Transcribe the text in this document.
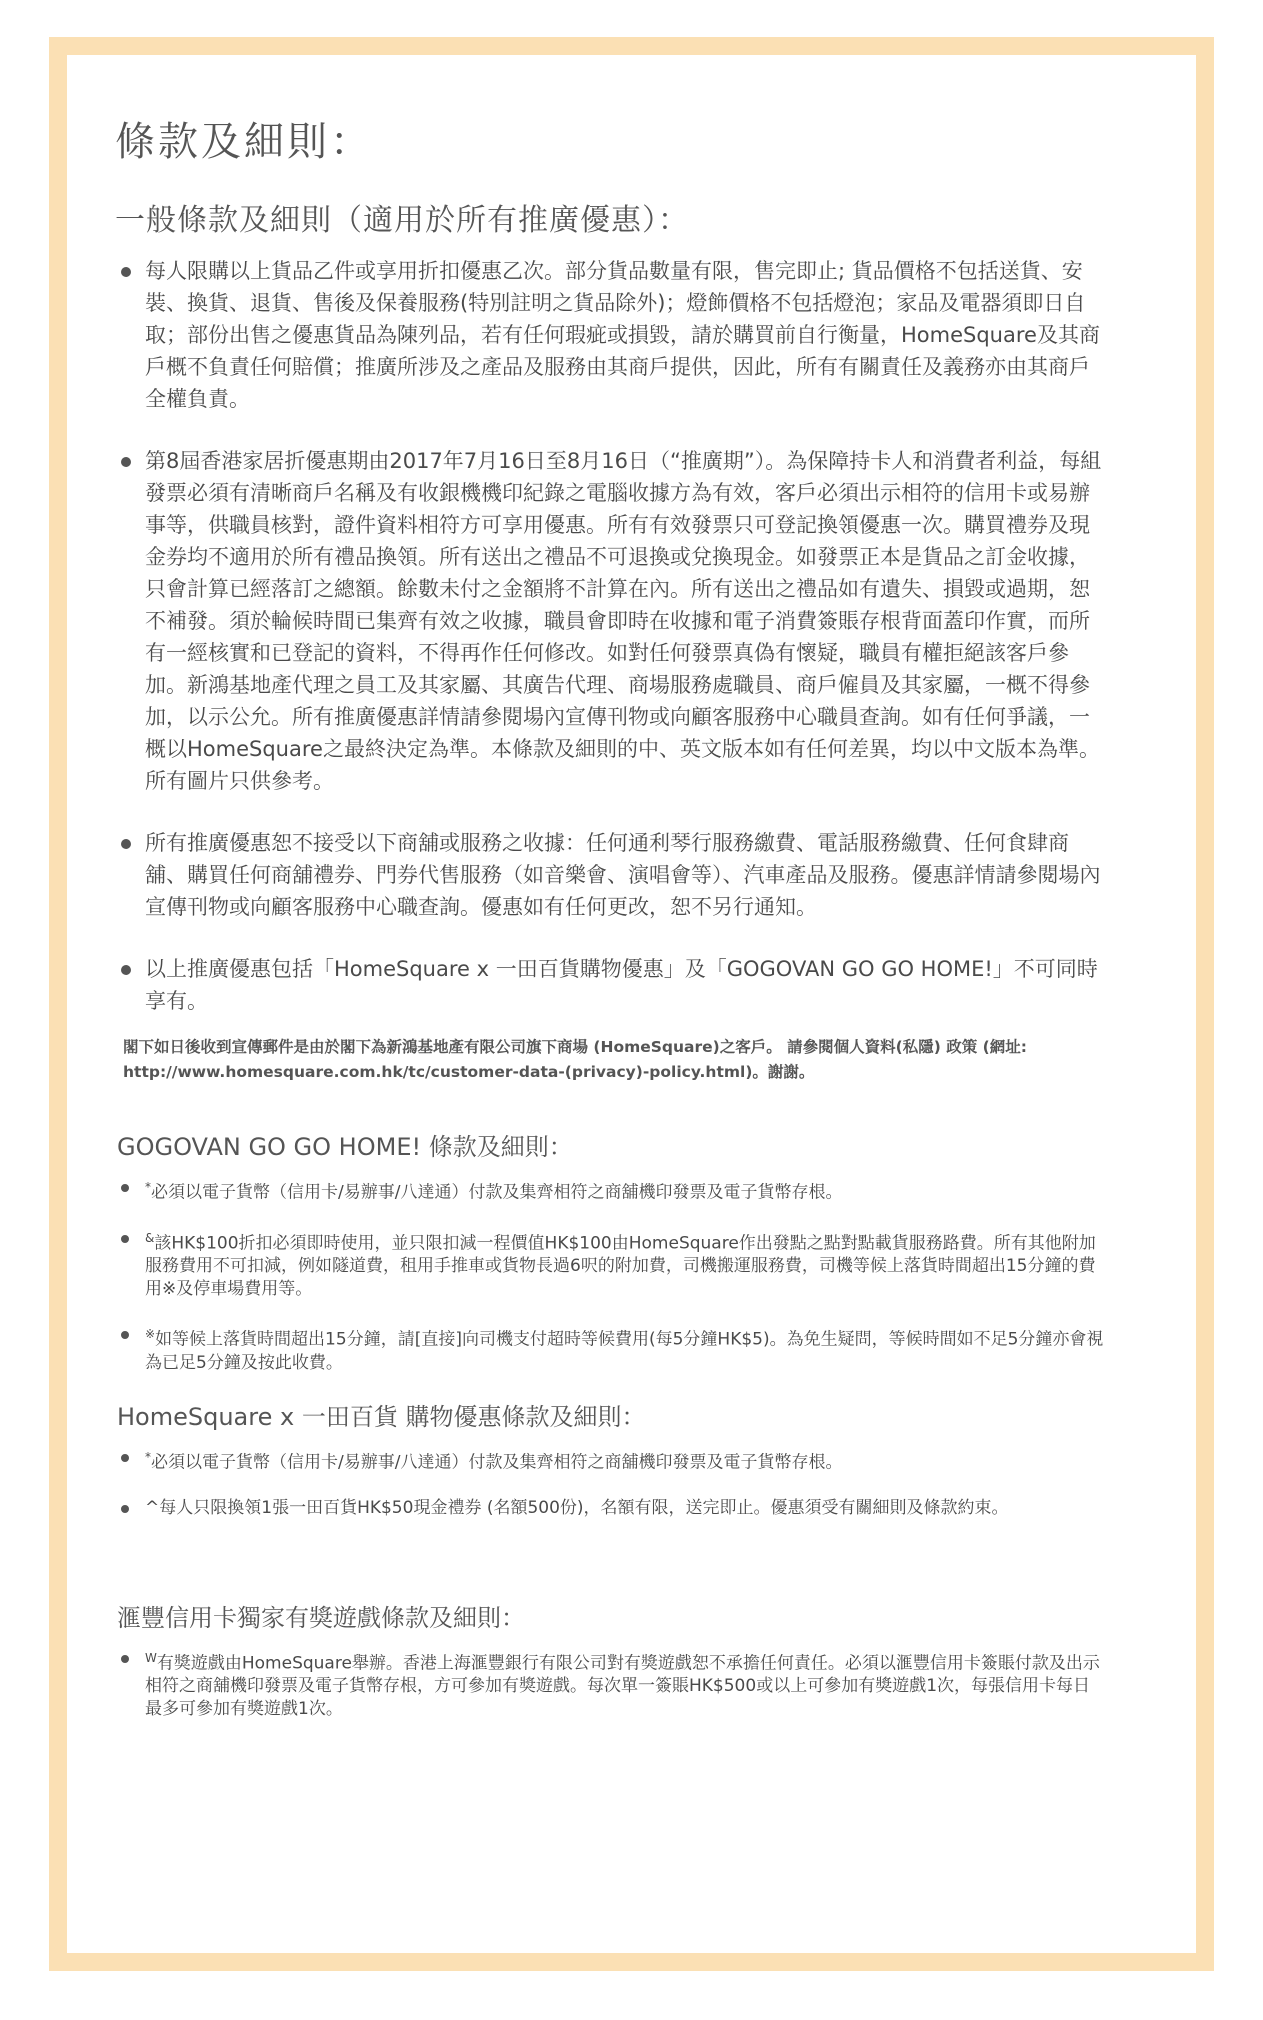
條款及細則：
一般條款及細則（適用於所有推廣優惠）：
每人限購以上貨品乙件或享用折扣優惠乙次。部分貨品數量有限，售完即止; 貨品價格不包括送貨、安裝、換貨、退貨、售後及保養服務(特別註明之貨品除外)；燈飾價格不包括燈泡；家品及電器須即日自取；部份出售之優惠貨品為陳列品，若有任何瑕疵或損毀，請於購買前自行衡量，HomeSquare及其商戶概不負責任何賠償；推廣所涉及之產品及服務由其商戶提供，因此，所有有關責任及義務亦由其商戶全權負責。
第8屆香港家居折優惠期由2017年7月16日至8月16日（“推廣期”）。為保障持卡人和消費者利益，每組發票必須有清晰商戶名稱及有收銀機機印紀錄之電腦收據方為有效，客戶必須出示相符的信用卡或易辦事等，供職員核對，證件資料相符方可享用優惠。所有有效發票只可登記換領優惠一次。購買禮券及現金券均不適用於所有禮品換領。所有送出之禮品不可退換或兌換現金。如發票正本是貨品之訂金收據，只會計算已經落訂之總額。餘數未付之金額將不計算在內。所有送出之禮品如有遺失、損毀或過期，恕不補發。須於輪候時間已集齊有效之收據，職員會即時在收據和電子消費簽賬存根背面蓋印作實，而所有一經核實和已登記的資料，不得再作任何修改。如對任何發票真偽有懷疑，職員有權拒絕該客戶參加。新鴻基地產代理之員工及其家屬、其廣告代理、商場服務處職員、商戶僱員及其家屬，一概不得參加，以示公允。所有推廣優惠詳情請參閱場內宣傳刊物或向顧客服務中心職員查詢。如有任何爭議，一概以HomeSquare之最終決定為準。本條款及細則的中、英文版本如有任何差異，均以中文版本為準。所有圖片只供參考。
所有推廣優惠恕不接受以下商舖或服務之收據：任何通利琴行服務繳費、電話服務繳費、任何食肆商舖、購買任何商舖禮券、門券代售服務（如音樂會、演唱會等）、汽車產品及服務。優惠詳情請參閱場內宣傳刊物或向顧客服務中心職查詢。優惠如有任何更改，恕不另行通知。
以上推廣優惠包括「HomeSquare x 一田百貨購物優惠」及「GOGOVAN GO GO HOME!」不可同時享有。
閣下如日後收到宣傳郵件是由於閣下為新鴻基地產有限公司旗下商場 (HomeSquare)之客戶。 請參閱個人資料(私隱) 政策 (網址: http://www.homesquare.com.hk/tc/customer-data-(privacy)-policy.html)。謝謝。
GOGOVAN GO GO HOME! 條款及細則：
*必須以電子貨幣（信用卡/易辦事/八達通）付款及集齊相符之商舖機印發票及電子貨幣存根。
&該HK$100折扣必須即時使用，並只限扣減一程價值HK$100由HomeSquare作出發點之點對點載貨服務路費。所有其他附加服務費用不可扣減，例如隧道費，租用手推車或貨物長過6呎的附加費，司機搬運服務費，司機等候上落貨時間超出15分鐘的費用※及停車場費用等。
※如等候上落貨時間超出15分鐘，請[直接]向司機支付超時等候費用(每5分鐘HK$5)。為免生疑問，等候時間如不足5分鐘亦會視為已足5分鐘及按此收費。
HomeSquare x 一田百貨 購物優惠條款及細則：
*必須以電子貨幣（信用卡/易辦事/八達通）付款及集齊相符之商舖機印發票及電子貨幣存根。
^每人只限換領1張一田百貨HK$50現金禮券 (名額500份)，名額有限，送完即止。優惠須受有關細則及條款約束。
滙豐信用卡獨家有獎遊戲條款及細則：
$^W$有獎遊戲由HomeSquare舉辦。香港上海滙豐銀行有限公司對有獎遊戲恕不承擔任何責任。必須以滙豐信用卡簽賬付款及出示相符之商舖機印發票及電子貨幣存根，方可參加有獎遊戲。每次單一簽賬HK$500或以上可參加有獎遊戲1次，每張信用卡每日最多可參加有獎遊戲1次。
